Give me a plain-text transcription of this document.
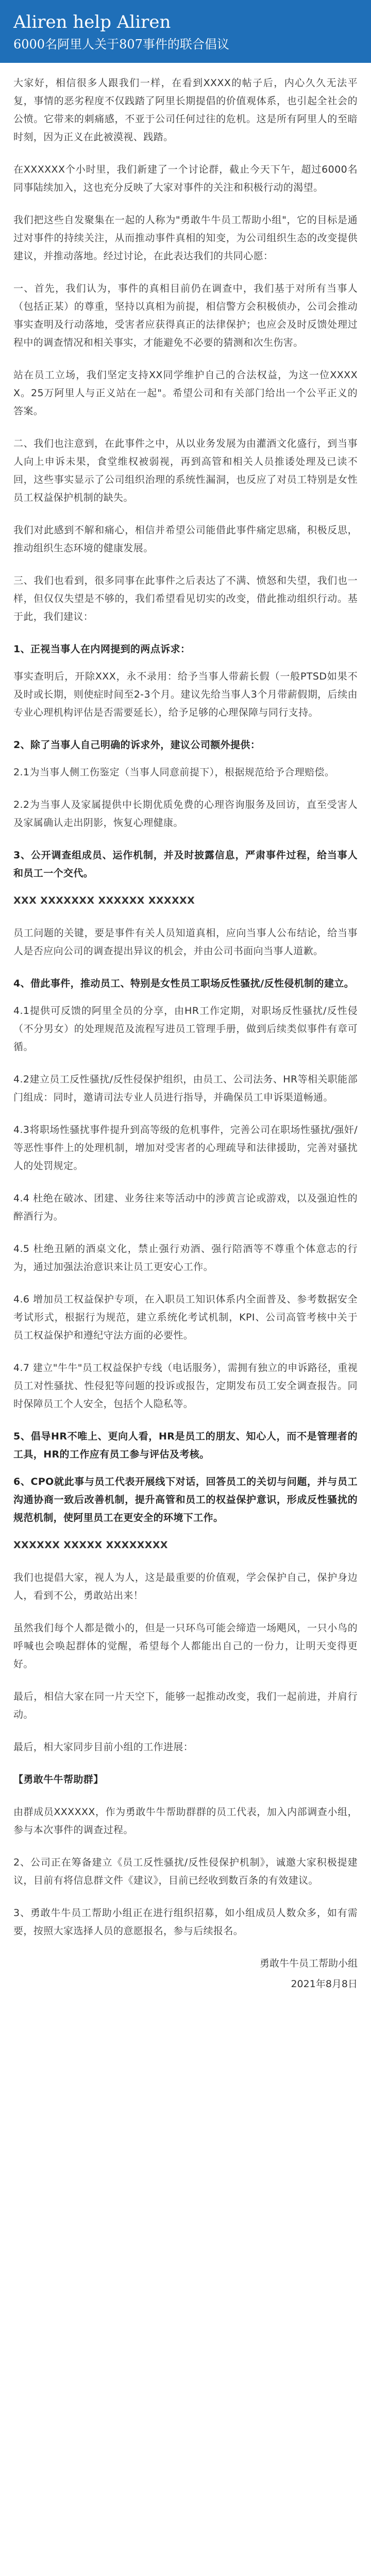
Aliren help Aliren
6000名阿里人关于807事件的联合倡议

大家好，相信很多人跟我们一样，在看到XXXX的帖子后，内心久久无法平复，事情的恶劣程度不仅践踏了阿里长期提倡的价值观体系，也引起全社会的公愤。它带来的刺痛感，不亚于公司任何过往的危机。这是所有阿里人的至暗时刻，因为正义在此被漠视、践踏。

在XXXXXX个小时里，我们新建了一个讨论群，截止今天下午，超过6000名同事陆续加入，这也充分反映了大家对事件的关注和积极行动的渴望。

我们把这些自发聚集在一起的人称为"勇敢牛牛员工帮助小组"，它的目标是通过对事件的持续关注，从而推动事件真相的知变，为公司组织生态的改变提供建议，并推动落地。经过讨论，在此表达我们的共同心愿：

一、首先，我们认为，事件的真相目前仍在调查中，我们基于对所有当事人（包括正某）的尊重，坚持以真相为前提，相信警方会积极侦办，公司会推动事实查明及行动落地，受害者应获得真正的法律保护；也应会及时反馈处理过程中的调查情况和相关事实，才能避免不必要的猜测和次生伤害。

站在员工立场，我们坚定支持XX同学维护自己的合法权益，为这一位XXXXX。25万阿里人与正义站在一起"。希望公司和有关部门给出一个公平正义的答案。

二、我们也注意到，在此事件之中，从以业务发展为由灌酒文化盛行，到当事人向上申诉未果，食堂维权被弱视，再到高管和相关人员推诿处理及已读不回，这些事实显示了公司组织治理的系统性漏洞，也反应了对员工特别是女性员工权益保护机制的缺失。

我们对此感到不解和痛心，相信并希望公司能借此事件痛定思痛，积极反思，推动组织生态环境的健康发展。

三、我们也看到，很多同事在此事件之后表达了不满、愤怒和失望，我们也一样，但仅仅失望是不够的，我们希望看见切实的改变，借此推动组织行动。基于此，我们建议：

1、正视当事人在内网提到的两点诉求：

事实查明后，开除XXX，永不录用：给予当事人带薪长假（一般PTSD如果不及时或长期，则使症时间至2-3个月。建议先给当事人3个月带薪假期，后续由专业心理机构评估是否需要延长），给予足够的心理保障与同行支持。

2、除了当事人自己明确的诉求外，建议公司额外提供：

2.1为当事人侧工伤鉴定（当事人同意前提下），根据规范给予合理赔偿。

2.2为当事人及家属提供中长期优质免费的心理咨询服务及回访，直至受害人及家属确认走出阴影，恢复心理健康。

3、公开调查组成员、运作机制，并及时披露信息，严肃事件过程，给当事人和员工一个交代。

XXX XXXXXXX XXXXXX XXXXXX

员工问题的关键，要是事件有关人员知道真相，应向当事人公布结论，给当事人是否应向公司的调查提出异议的机会，并由公司书面向当事人道歉。

4、借此事件，推动员工、特别是女性员工职场反性骚扰/反性侵机制的建立。

4.1提供可反馈的阿里全员的分享，由HR工作定期，对职场反性骚扰/反性侵（不分男女）的处理规范及流程写进员工管理手册，做到后续类似事件有章可循。

4.2建立员工反性骚扰/反性侵保护组织，由员工、公司法务、HR等相关职能部门组成：同时，邀请司法专业人员进行指导，并确保员工申诉渠道畅通。

4.3将职场性骚扰事件提升到高等级的危机事件，完善公司在职场性骚扰/强奸/等恶性事件上的处理机制，增加对受害者的心理疏导和法律援助，完善对骚扰人的处罚规定。

4.4 杜绝在破冰、团建、业务往来等活动中的涉黄言论或游戏，以及强迫性的醉酒行为。

4.5 杜绝丑陋的酒桌文化，禁止强行劝酒、强行陪酒等不尊重个体意志的行为，通过加强法治意识来让员工更安心工作。

4.6 增加员工权益保护专项，在入职员工知识体系内全面普及、参考数据安全考试形式，根据行为规范，建立系统化考试机制，KPI、公司高管考核中关于员工权益保护和遵纪守法方面的必要性。

4.7 建立"牛牛"员工权益保护专线（电话服务），需拥有独立的申诉路径，重视员工对性骚扰、性侵犯等问题的投诉或报告，定期发布员工安全调查报告。同时保障员工个人安全，包括个人隐私等。

5、倡导HR不唯上、更向人看，HR是员工的朋友、知心人，而不是管理者的工具，HR的工作应有员工参与评估及考核。

6、CPO就此事与员工代表开展线下对话，回答员工的关切与问题，并与员工沟通协商一致后改善机制，提升高管和员工的权益保护意识，形成反性骚扰的规范机制，使阿里员工在更安全的环境下工作。

XXXXXX XXXXX XXXXXXXX

我们也提倡大家，视人为人，这是最重要的价值观，学会保护自己，保护身边人，看到不公，勇敢站出来！

虽然我们每个人都是微小的，但是一只环鸟可能会缔造一场飓风，一只小鸟的呼喊也会唤起群体的觉醒，希望每个人都能出自己的一份力，让明天变得更好。

最后，相信大家在同一片天空下，能够一起推动改变，我们一起前进，并肩行动。

最后，相大家同步目前小组的工作进展：

【勇敢牛牛帮助群】

由群成员XXXXXX，作为勇敢牛牛帮助群群的员工代表，加入内部调查小组，参与本次事件的调查过程。

2、公司正在筹备建立《员工反性骚扰/反性侵保护机制》，诚邀大家积极提建议，目前有将信息群文件《建议》，目前已经收到数百条的有效建议。

3、勇敢牛牛员工帮助小组正在进行组织招募，如小组成员人数众多，如有需要，按照大家选择人员的意愿报名，参与后续报名。

勇敢牛牛员工帮助小组
2021年8月8日
